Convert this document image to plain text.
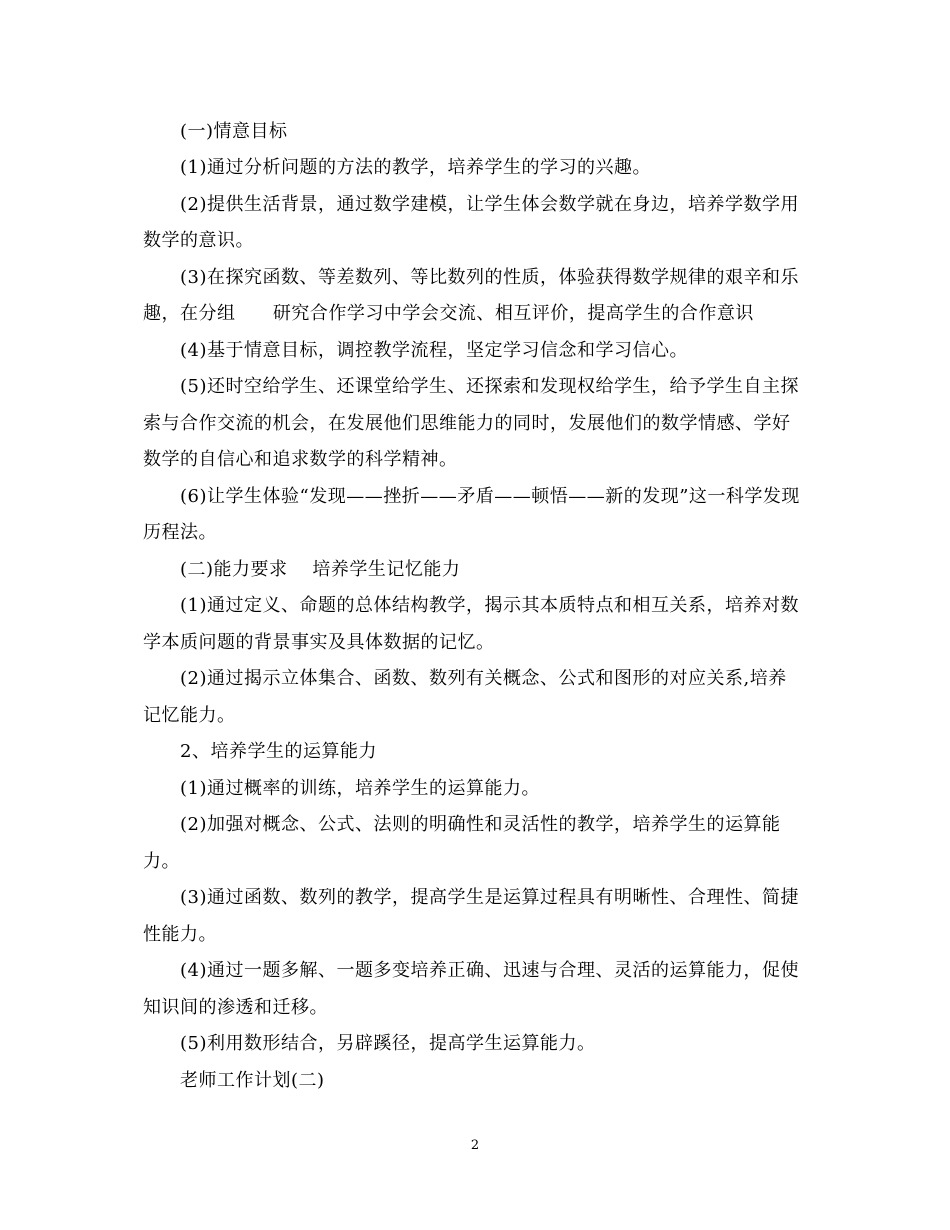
(一)情意目标
(1)通过分析问题的方法的教学，培养学生的学习的兴趣。
(2)提供生活背景，通过数学建模，让学生体会数学就在身边，培养学数学用
数学的意识。
(3)在探究函数、等差数列、等比数列的性质，体验获得数学规律的艰辛和乐
趣，在分组      研究合作学习中学会交流、相互评价，提高学生的合作意识
(4)基于情意目标，调控教学流程，坚定学习信念和学习信心。
(5)还时空给学生、还课堂给学生、还探索和发现权给学生，给予学生自主探
索与合作交流的机会，在发展他们思维能力的同时，发展他们的数学情感、学好
数学的自信心和追求数学的科学精神。
(6)让学生体验“发现——挫折——矛盾——顿悟——新的发现”这一科学发现
历程法。
(二)能力要求    培养学生记忆能力
(1)通过定义、命题的总体结构教学，揭示其本质特点和相互关系，培养对数
学本质问题的背景事实及具体数据的记忆。
(2)通过揭示立体集合、函数、数列有关概念、公式和图形的对应关系,培养
记忆能力。
2、培养学生的运算能力
(1)通过概率的训练，培养学生的运算能力。
(2)加强对概念、公式、法则的明确性和灵活性的教学，培养学生的运算能
力。
(3)通过函数、数列的教学，提高学生是运算过程具有明晰性、合理性、简捷
性能力。
(4)通过一题多解、一题多变培养正确、迅速与合理、灵活的运算能力，促使
知识间的渗透和迁移。
(5)利用数形结合，另辟蹊径，提高学生运算能力。
老师工作计划(二)
2
